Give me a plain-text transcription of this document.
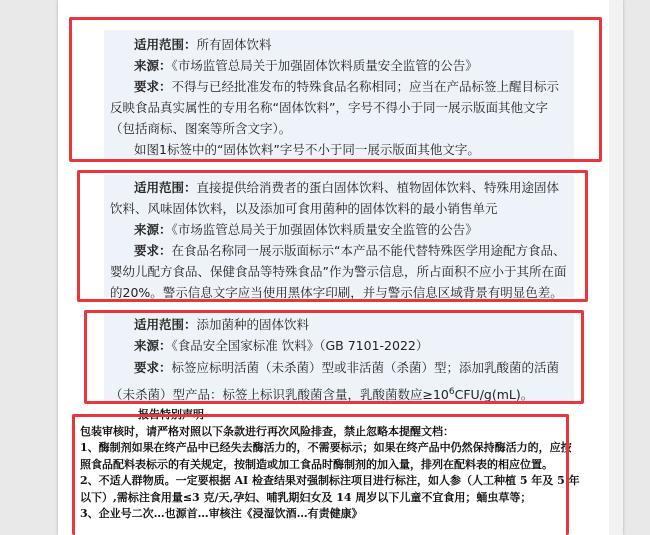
适用范围：所有固体饮料

来源：《市场监管总局关于加强固体饮料质量安全监管的公告》

要求：不得与已经批准发布的特殊食品名称相同；应当在产品标签上醒目标示反映食品真实属性的专用名称“固体饮料”，字号不得小于同一展示版面其他文字（包括商标、图案等所含文字）。

如图1标签中的“固体饮料”字号不小于同一展示版面其他文字。

适用范围：直接提供给消费者的蛋白固体饮料、植物固体饮料、特殊用途固体饮料、风味固体饮料，以及添加可食用菌种的固体饮料的最小销售单元

来源：《市场监管总局关于加强固体饮料质量安全监管的公告》

要求：在食品名称同一展示版面标示“本产品不能代替特殊医学用途配方食品、婴幼儿配方食品、保健食品等特殊食品”作为警示信息，所占面积不应小于其所在面的20%。警示信息文字应当使用黑体字印刷，并与警示信息区域背景有明显色差。

适用范围：添加菌种的固体饮料

来源：《食品安全国家标准 饮料》（GB 7101-2022）

要求：标签应标明活菌（未杀菌）型或非活菌（杀菌）型；添加乳酸菌的活菌（未杀菌）型产品：标签上标识乳酸菌含量，乳酸菌数应$\ge 10^6CFU/g(mL)$。

报告特别声明

包装审核时，请严格对照以下条款进行再次风险排查，禁止忽略本提醒文档：

1、酶制剂如果在终产品中已经失去酶活力的，不需要标示；如果在终产品中仍然保持酶活力的，应按照食品配料表标示的有关规定，按制造或加工食品时酶制剂的加入量，排列在配料表的相应位置。

2、不适人群物质。一定要根据 AI 检查结果对强制标注项目进行标注，如人参（人工种植 5 年及 5 年以下）,需标注食用量≤3 克/天,孕妇、哺乳期妇女及 14 周岁以下儿童不宜食用；蛹虫草等；

3、企业号二次…也源首…审核注《浸湿饮酒…有责健康》
